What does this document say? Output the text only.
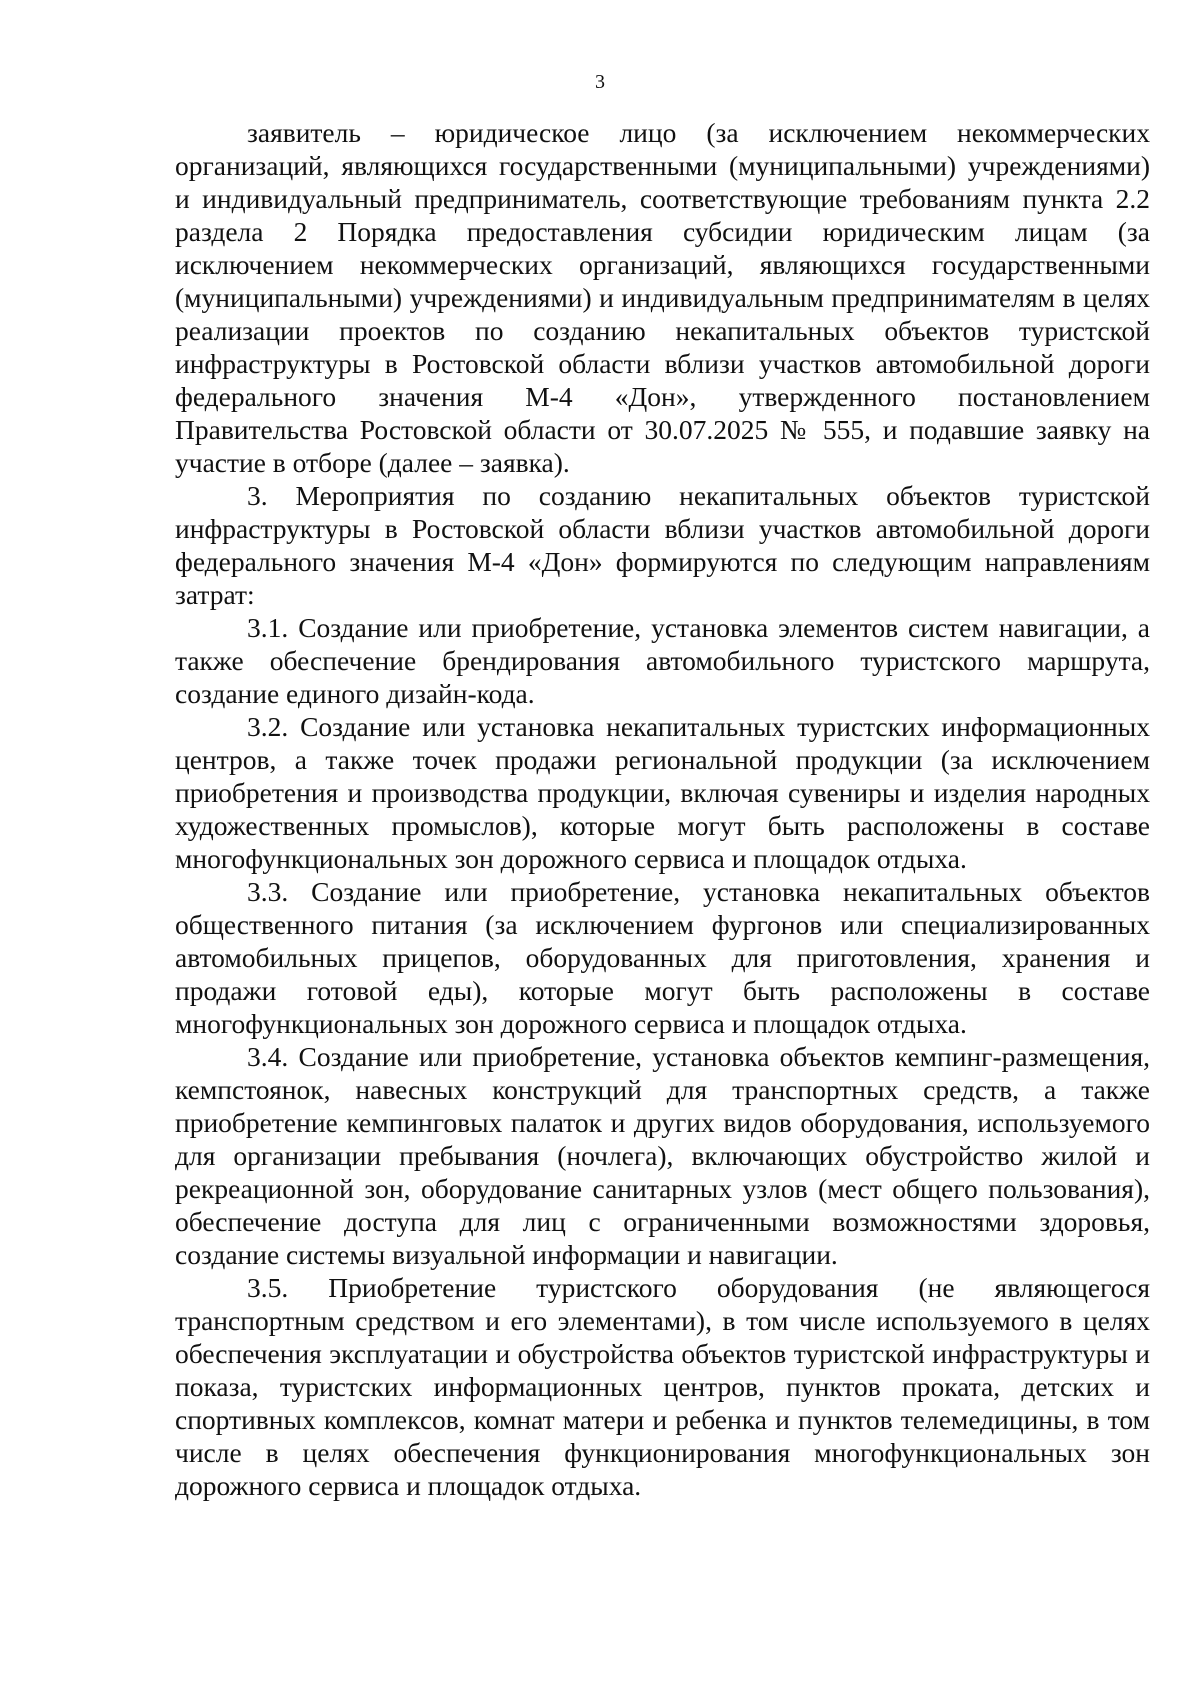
3

заявитель – юридическое лицо (за исключением некоммерческих организаций, являющихся государственными (муниципальными) учреждениями) и индивидуальный предприниматель, соответствующие требованиям пункта 2.2 раздела 2 Порядка предоставления субсидии юридическим лицам (за исключением некоммерческих организаций, являющихся государственными (муниципальными) учреждениями) и индивидуальным предпринимателям в целях реализации проектов по созданию некапитальных объектов туристской инфраструктуры в Ростовской области вблизи участков автомобильной дороги федерального значения М-4 «Дон», утвержденного постановлением Правительства Ростовской области от 30.07.2025 № 555, и подавшие заявку на участие в отборе (далее – заявка).

3. Мероприятия по созданию некапитальных объектов туристской инфраструктуры в Ростовской области вблизи участков автомобильной дороги федерального значения М-4 «Дон» формируются по следующим направлениям затрат:

3.1. Создание или приобретение, установка элементов систем навигации, а также обеспечение брендирования автомобильного туристского маршрута, создание единого дизайн-кода.

3.2. Создание или установка некапитальных туристских информационных центров, а также точек продажи региональной продукции (за исключением приобретения и производства продукции, включая сувениры и изделия народных художественных промыслов), которые могут быть расположены в составе многофункциональных зон дорожного сервиса и площадок отдыха.

3.3. Создание или приобретение, установка некапитальных объектов общественного питания (за исключением фургонов или специализированных автомобильных прицепов, оборудованных для приготовления, хранения и продажи готовой еды), которые могут быть расположены в составе многофункциональных зон дорожного сервиса и площадок отдыха.

3.4. Создание или приобретение, установка объектов кемпинг-размещения, кемпстоянок, навесных конструкций для транспортных средств, а также приобретение кемпинговых палаток и других видов оборудования, используемого для организации пребывания (ночлега), включающих обустройство жилой и рекреационной зон, оборудование санитарных узлов (мест общего пользования), обеспечение доступа для лиц с ограниченными возможностями здоровья, создание системы визуальной информации и навигации.

3.5. Приобретение туристского оборудования (не являющегося транспортным средством и его элементами), в том числе используемого в целях обеспечения эксплуатации и обустройства объектов туристской инфраструктуры и показа, туристских информационных центров, пунктов проката, детских и спортивных комплексов, комнат матери и ребенка и пунктов телемедицины, в том числе в целях обеспечения функционирования многофункциональных зон дорожного сервиса и площадок отдыха.
